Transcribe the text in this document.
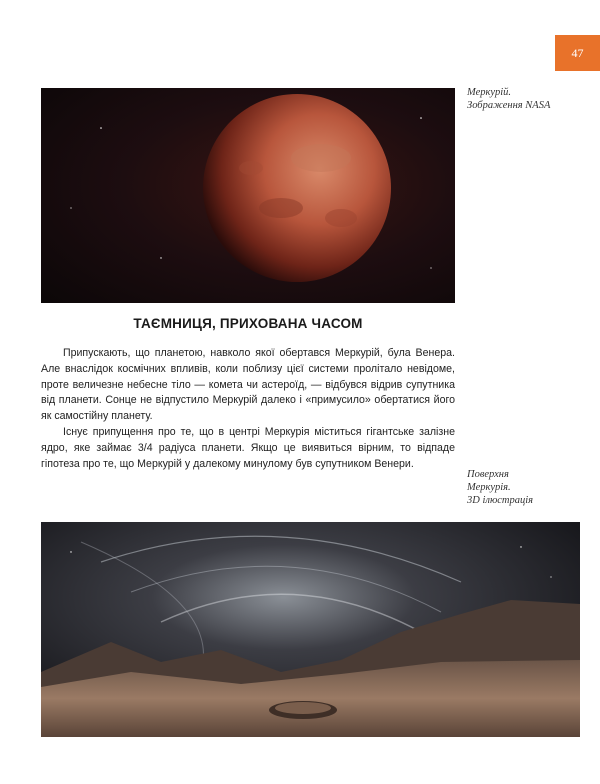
47
Меркурій.
Зображення NASA
ТАЄМНИЦЯ, ПРИХОВАНА ЧАСОМ

Припускають, що планетою, навколо якої обертався Меркурій, була Венера. Але внаслідок космічних впливів, коли поблизу цієї системи пролітало невідоме, проте величезне небесне тіло — комета чи астероїд, — відбувся відрив супутника від планети. Сонце не відпустило Меркурій далеко і «примусило» обертатися його як самостійну планету.

Існує припущення про те, що в центрі Меркурія міститься гігантське залізне ядро, яке займає 3/4 радіуса планети. Якщо це виявиться вірним, то відпаде гіпотеза про те, що Меркурій у далекому минулому був супутником Венери.

Поверхня
Меркурія.
3D ілюстрація
